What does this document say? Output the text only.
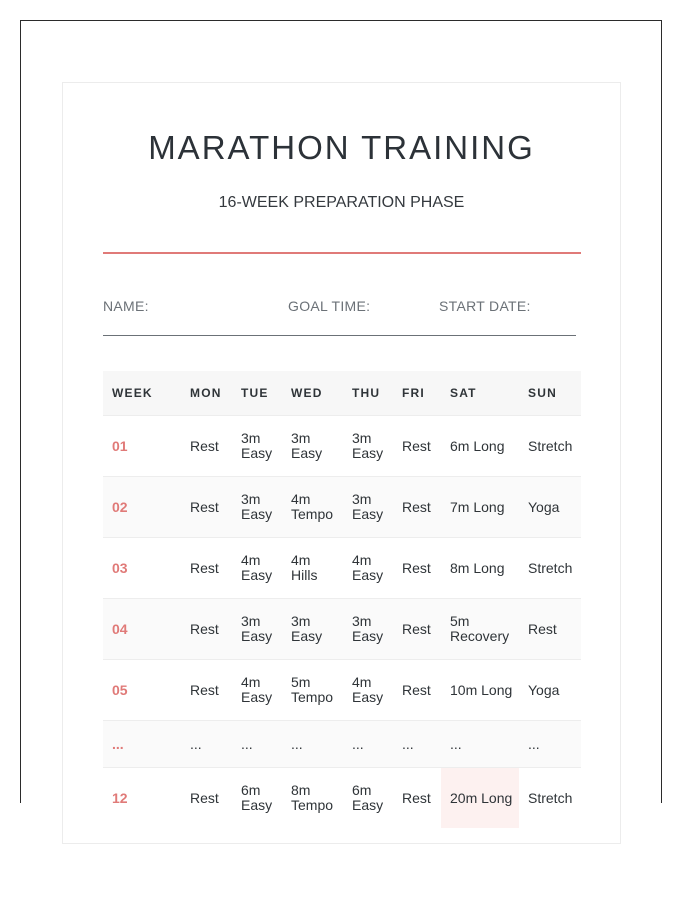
MARATHON TRAINING

16-WEEK PREPARATION PHASE

NAME:	GOAL TIME:	START DATE:
WEEK	MON	TUE	WED	THU	FRI	SAT	SUN
01	Rest	3m Easy	3m Easy	3m Easy	Rest	6m Long	Stretch
02	Rest	3m Easy	4m Tempo	3m Easy	Rest	7m Long	Yoga
03	Rest	4m Easy	4m Hills	4m Easy	Rest	8m Long	Stretch
04	Rest	3m Easy	3m Easy	3m Easy	Rest	5m Recovery	Rest
05	Rest	4m Easy	5m Tempo	4m Easy	Rest	10m Long	Yoga
...	...	...	...	...	...	...	...
12	Rest	6m Easy	8m Tempo	6m Easy	Rest	20m Long	Stretch
